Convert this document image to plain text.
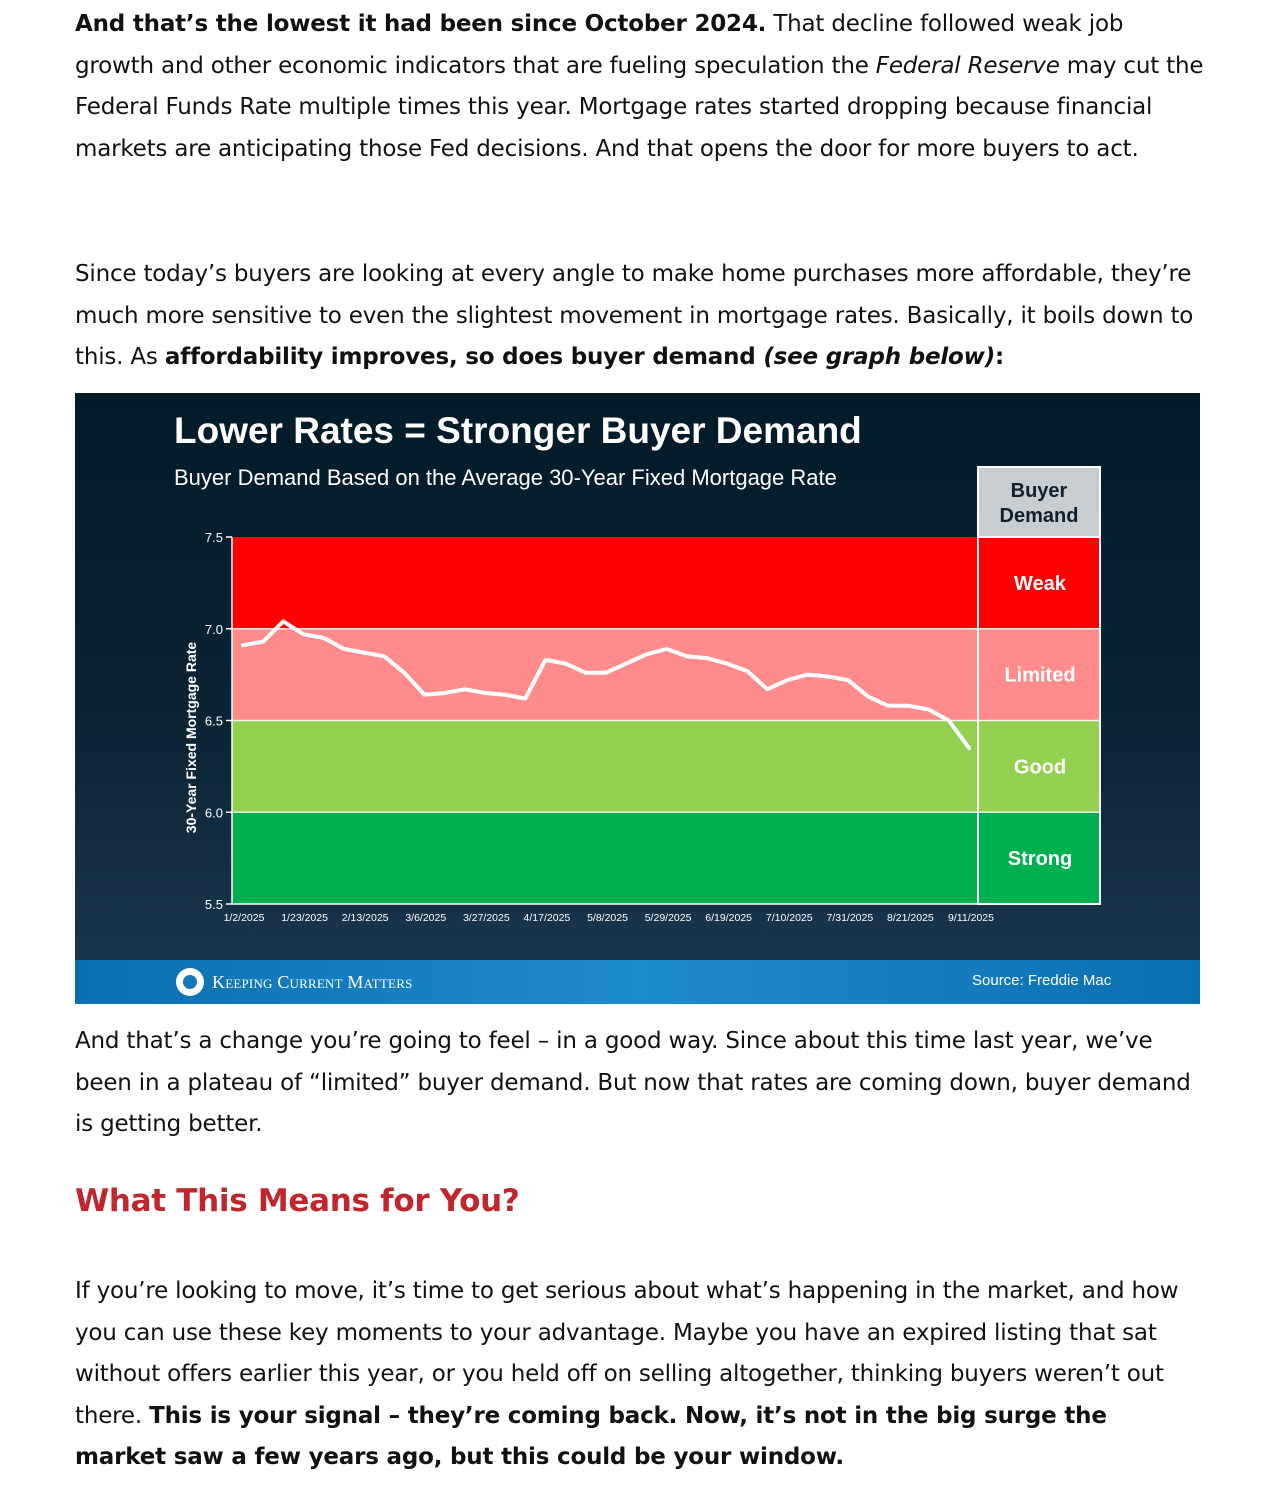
And that’s the lowest it had been since October 2024. That decline followed weak job growth and other economic indicators that are fueling speculation the Federal Reserve may cut the Federal Funds Rate multiple times this year. Mortgage rates started dropping because financial markets are anticipating those Fed decisions. And that opens the door for more buyers to act.

Since today’s buyers are looking at every angle to make home purchases more affordable, they’re much more sensitive to even the slightest movement in mortgage rates. Basically, it boils down to this. As affordability improves, so does buyer demand (see graph below):

Lower Rates = Stronger Buyer Demand
Buyer Demand Based on the Average 30-Year Fixed Mortgage Rate
Weak
Limited
Good
Strong
Buyer
Demand
5.5
6.0
6.5
7.0
7.5
30-Year Fixed Mortgage Rate
1/2/2025 1/23/2025 2/13/2025 3/6/2025 3/27/2025 4/17/2025 5/8/2025 5/29/2025 6/19/2025 7/10/2025 7/31/2025 8/21/2025 9/11/2025
Keeping Current Matters	Source: Freddie Mac

And that’s a change you’re going to feel – in a good way. Since about this time last year, we’ve been in a plateau of “limited” buyer demand. But now that rates are coming down, buyer demand is getting better.

What This Means for You?

If you’re looking to move, it’s time to get serious about what’s happening in the market, and how you can use these key moments to your advantage. Maybe you have an expired listing that sat without offers earlier this year, or you held off on selling altogether, thinking buyers weren’t out there. This is your signal – they’re coming back. Now, it’s not in the big surge the market saw a few years ago, but this could be your window.
